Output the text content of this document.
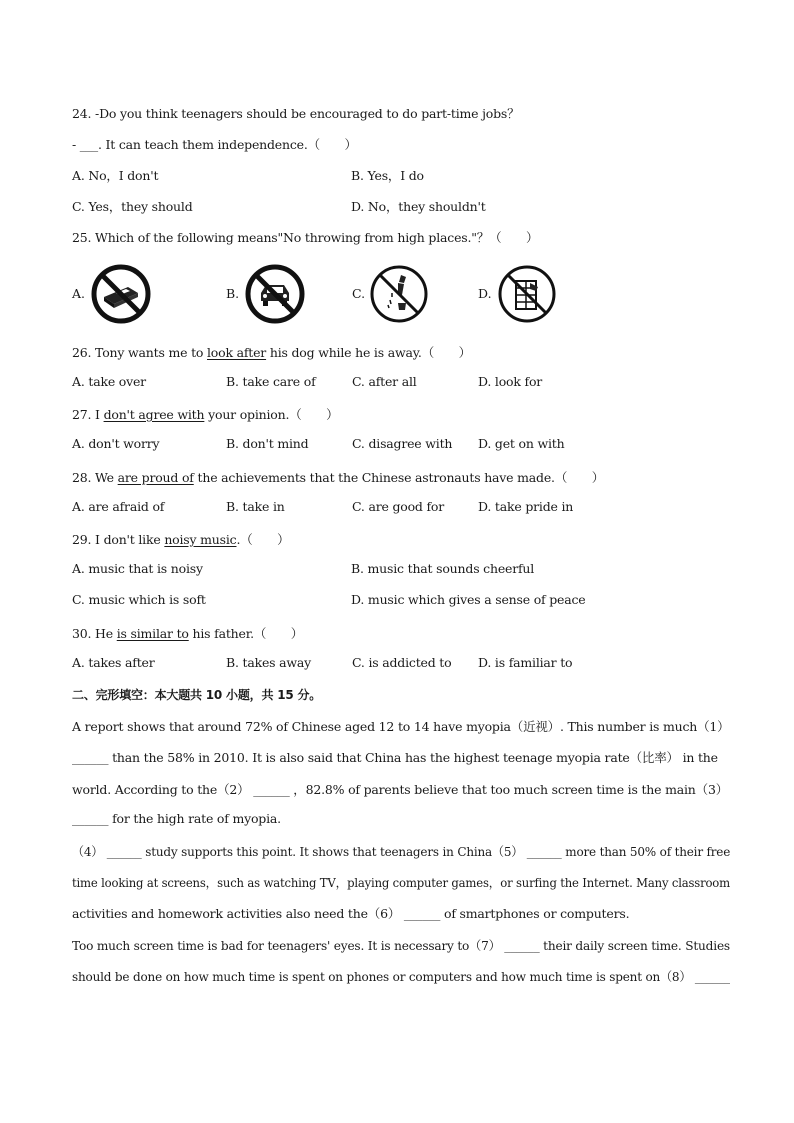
24. -Do you think teenagers should be encouraged to do part-time jobs？
- ___. It can teach them independence.（　　）
A. No，I don't	B. Yes，I do
C. Yes，they should	D. No，they shouldn't
25. Which of the following means"No throwing from high places."？（　　）
A.	B.	C.	D.
26. Tony wants me to look after his dog while he is away.（　　）
A. take over	B. take care of	C. after all	D. look for
27. I don't agree with your opinion.（　　）
A. don't worry	B. don't mind	C. disagree with D. get on with
28. We are proud of the achievements that the Chinese astronauts have made.（　　）
A. are afraid of	B. take in	C. are good for	D. take pride in
29. I don't like noisy music.（　　）
A. music that is noisy	B. music that sounds cheerful
C. music which is soft	D. music which gives a sense of peace
30. He is similar to his father.（　　）
A. takes after	B. takes away	C. is addicted to D. is familiar to
二、完形填空：本大题共 10 小题，共 15 分。
A report shows that around 72% of Chinese aged 12 to 14 have myopia（近视）. This number is much（1）
______ than the 58% in 2010. It is also said that China has the highest teenage myopia rate（比率） in the
world. According to the（2） ______ ，82.8% of parents believe that too much screen time is the main（3）
______ for the high rate of myopia.
（4） ______ study supports this point. It shows that teenagers in China（5） ______ more than 50% of their free
time looking at screens，such as watching TV，playing computer games，or surfing the Internet. Many classroom
activities and homework activities also need the（6） ______ of smartphones or computers.
Too much screen time is bad for teenagers' eyes. It is necessary to（7） ______ their daily screen time. Studies
should be done on how much time is spent on phones or computers and how much time is spent on（8） ______
